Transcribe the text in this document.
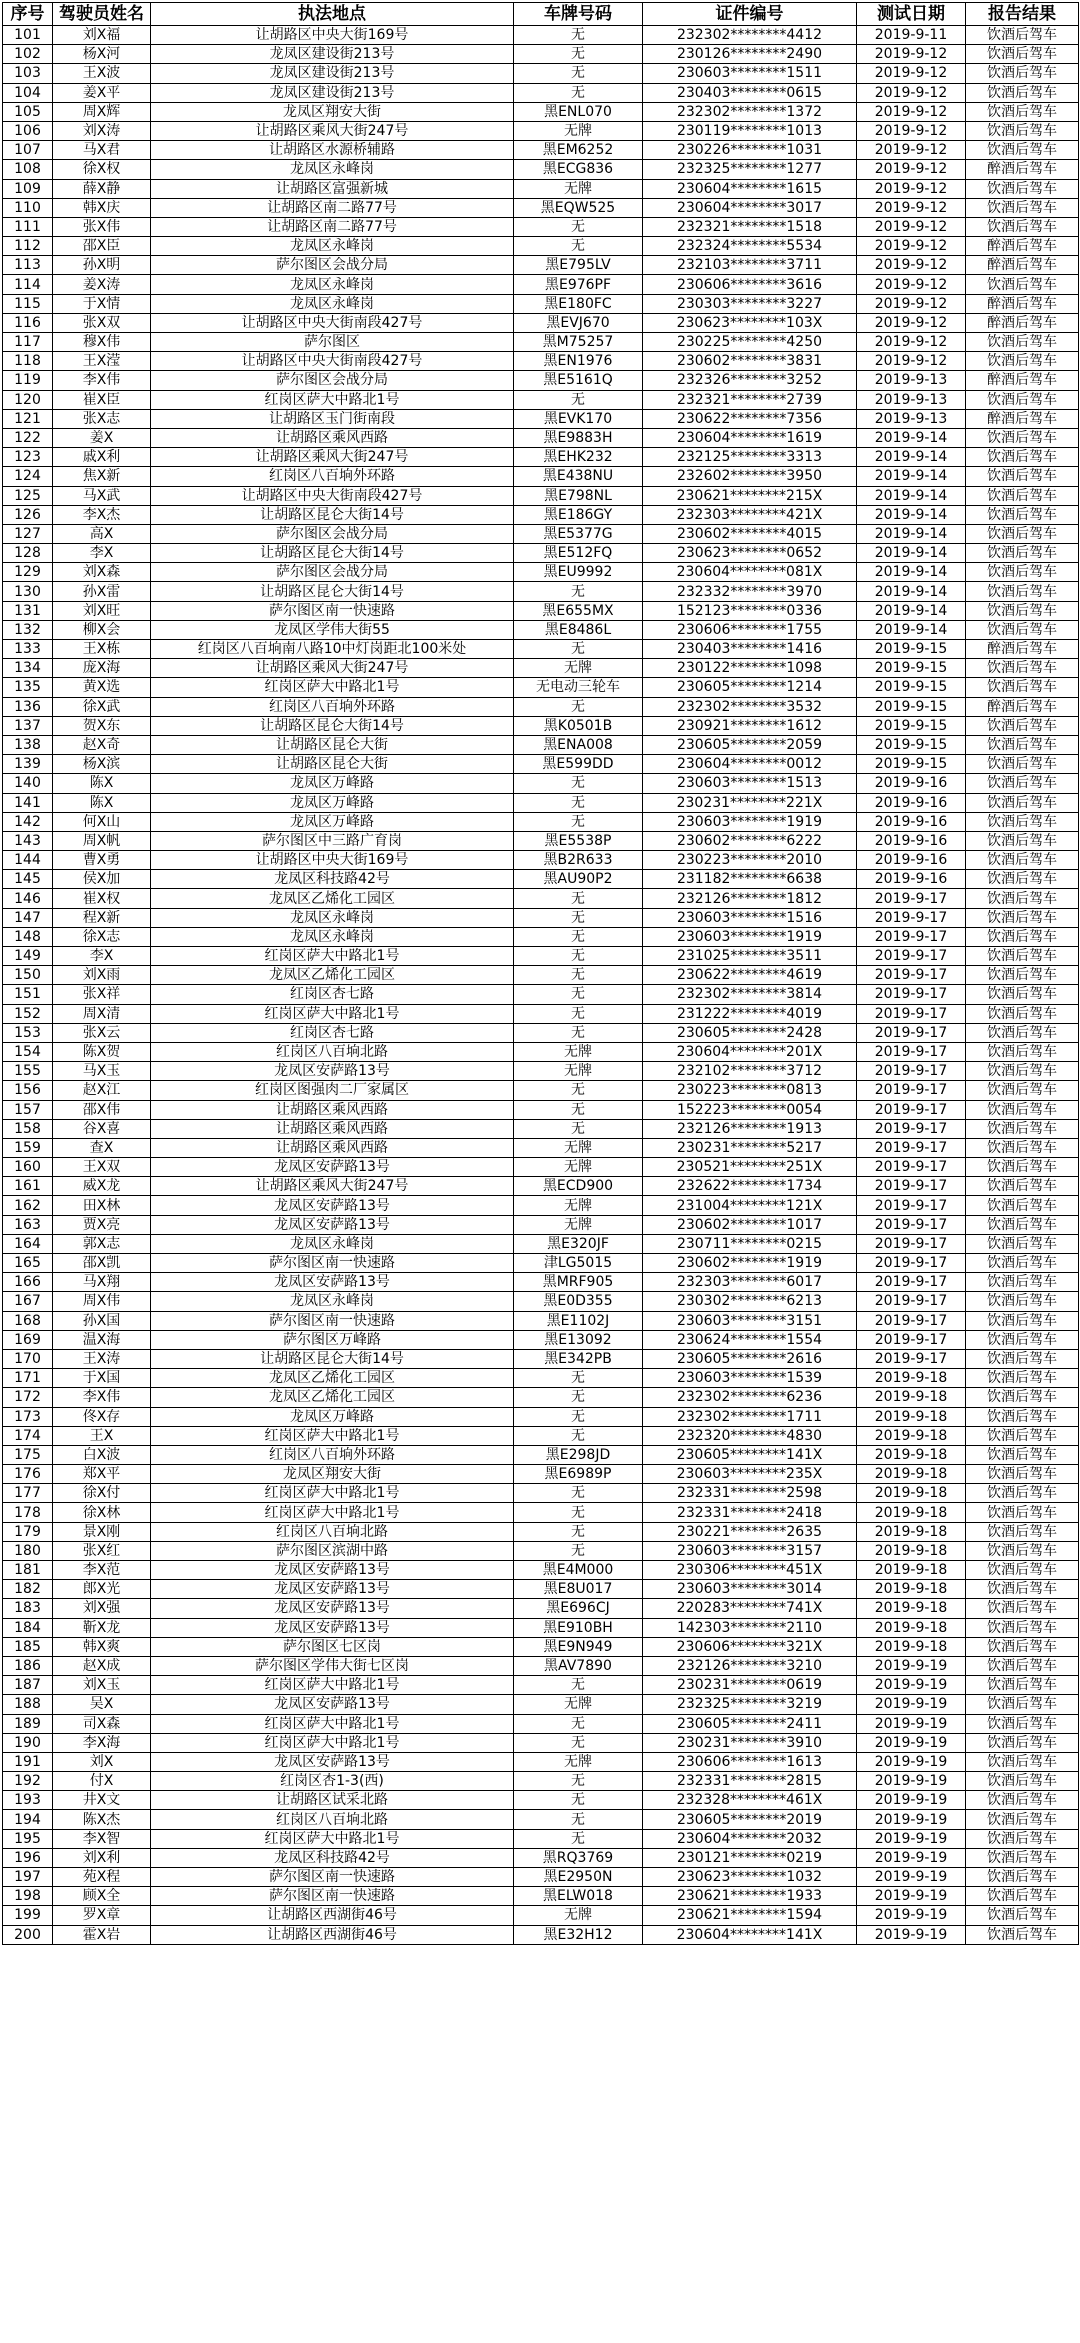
序号	驾驶员姓名	执法地点	车牌号码	证件编号	测试日期	报告结果
101	刘X福	让胡路区中央大街169号	无	232302********4412	2019-9-11	饮酒后驾车
102	杨X河	龙凤区建设街213号	无	230126********2490	2019-9-12	饮酒后驾车
103	王X波	龙凤区建设街213号	无	230603********1511	2019-9-12	饮酒后驾车
104	姜X平	龙凤区建设街213号	无	230403********0615	2019-9-12	饮酒后驾车
105	周X辉	龙凤区翔安大街	黑ENL070	232302********1372	2019-9-12	饮酒后驾车
106	刘X涛	让胡路区乘风大街247号	无牌	230119********1013	2019-9-12	饮酒后驾车
107	马X君	让胡路区水源桥辅路	黑EM6252	230226********1031	2019-9-12	饮酒后驾车
108	徐X权	龙凤区永峰岗	黑ECG836	232325********1277	2019-9-12	醉酒后驾车
109	薛X静	让胡路区富强新城	无牌	230604********1615	2019-9-12	饮酒后驾车
110	韩X庆	让胡路区南二路77号	黑EQW525	230604********3017	2019-9-12	饮酒后驾车
111	张X伟	让胡路区南二路77号	无	232321********1518	2019-9-12	饮酒后驾车
112	邵X臣	龙凤区永峰岗	无	232324********5534	2019-9-12	醉酒后驾车
113	孙X明	萨尔图区会战分局	黑E795LV	232103********3711	2019-9-12	醉酒后驾车
114	姜X涛	龙凤区永峰岗	黑E976PF	230606********3616	2019-9-12	饮酒后驾车
115	于X情	龙凤区永峰岗	黑E180FC	230303********3227	2019-9-12	醉酒后驾车
116	张X双	让胡路区中央大街南段427号	黑EVJ670	230623********103X	2019-9-12	醉酒后驾车
117	穆X伟	萨尔图区	黑M75257	230225********4250	2019-9-12	饮酒后驾车
118	王X滢	让胡路区中央大街南段427号	黑EN1976	230602********3831	2019-9-12	饮酒后驾车
119	李X伟	萨尔图区会战分局	黑E5161Q	232326********3252	2019-9-13	醉酒后驾车
120	崔X臣	红岗区萨大中路北1号	无	232321********2739	2019-9-13	饮酒后驾车
121	张X志	让胡路区玉门街南段	黑EVK170	230622********7356	2019-9-13	醉酒后驾车
122	姜X	让胡路区乘风西路	黑E9883H	230604********1619	2019-9-14	饮酒后驾车
123	戚X利	让胡路区乘风大街247号	黑EHK232	232125********3313	2019-9-14	饮酒后驾车
124	焦X新	红岗区八百垧外环路	黑E438NU	232602********3950	2019-9-14	饮酒后驾车
125	马X武	让胡路区中央大街南段427号	黑E798NL	230621********215X	2019-9-14	饮酒后驾车
126	李X杰	让胡路区昆仑大街14号	黑E186GY	232303********421X	2019-9-14	饮酒后驾车
127	高X	萨尔图区会战分局	黑E5377G	230602********4015	2019-9-14	饮酒后驾车
128	李X	让胡路区昆仑大街14号	黑E512FQ	230623********0652	2019-9-14	饮酒后驾车
129	刘X森	萨尔图区会战分局	黑EU9992	230604********081X	2019-9-14	饮酒后驾车
130	孙X雷	让胡路区昆仑大街14号	无	232332********3970	2019-9-14	饮酒后驾车
131	刘X旺	萨尔图区南一快速路	黑E655MX	152123********0336	2019-9-14	饮酒后驾车
132	柳X会	龙凤区学伟大街55	黑E8486L	230606********1755	2019-9-14	饮酒后驾车
133	王X栋	红岗区八百垧南八路10中灯岗距北100米处	无	230403********1416	2019-9-15	醉酒后驾车
134	庞X海	让胡路区乘风大街247号	无牌	230122********1098	2019-9-15	饮酒后驾车
135	黄X选	红岗区萨大中路北1号	无电动三轮车	230605********1214	2019-9-15	饮酒后驾车
136	徐X武	红岗区八百垧外环路	无	232302********3532	2019-9-15	醉酒后驾车
137	贺X东	让胡路区昆仑大街14号	黑K0501B	230921********1612	2019-9-15	饮酒后驾车
138	赵X奇	让胡路区昆仑大街	黑ENA008	230605********2059	2019-9-15	饮酒后驾车
139	杨X滨	让胡路区昆仑大街	黑E599DD	230604********0012	2019-9-15	饮酒后驾车
140	陈X	龙凤区万峰路	无	230603********1513	2019-9-16	饮酒后驾车
141	陈X	龙凤区万峰路	无	230231********221X	2019-9-16	饮酒后驾车
142	何X山	龙凤区万峰路	无	230603********1919	2019-9-16	饮酒后驾车
143	周X帆	萨尔图区中三路广育岗	黑E5538P	230602********6222	2019-9-16	饮酒后驾车
144	曹X勇	让胡路区中央大街169号	黑B2R633	230223********2010	2019-9-16	饮酒后驾车
145	侯X加	龙凤区科技路42号	黑AU90P2	231182********6638	2019-9-16	饮酒后驾车
146	崔X权	龙凤区乙烯化工园区	无	232126********1812	2019-9-17	饮酒后驾车
147	程X新	龙凤区永峰岗	无	230603********1516	2019-9-17	饮酒后驾车
148	徐X志	龙凤区永峰岗	无	230603********1919	2019-9-17	饮酒后驾车
149	李X	红岗区萨大中路北1号	无	231025********3511	2019-9-17	饮酒后驾车
150	刘X雨	龙凤区乙烯化工园区	无	230622********4619	2019-9-17	饮酒后驾车
151	张X祥	红岗区杏七路	无	232302********3814	2019-9-17	饮酒后驾车
152	周X清	红岗区萨大中路北1号	无	231222********4019	2019-9-17	饮酒后驾车
153	张X云	红岗区杏七路	无	230605********2428	2019-9-17	饮酒后驾车
154	陈X贺	红岗区八百垧北路	无牌	230604********201X	2019-9-17	饮酒后驾车
155	马X玉	龙凤区安萨路13号	无牌	232102********3712	2019-9-17	饮酒后驾车
156	赵X江	红岗区图强肉二厂家属区	无	230223********0813	2019-9-17	饮酒后驾车
157	邵X伟	让胡路区乘风西路	无	152223********0054	2019-9-17	饮酒后驾车
158	谷X喜	让胡路区乘风西路	无	232126********1913	2019-9-17	饮酒后驾车
159	查X	让胡路区乘风西路	无牌	230231********5217	2019-9-17	饮酒后驾车
160	王X双	龙凤区安萨路13号	无牌	230521********251X	2019-9-17	饮酒后驾车
161	威X龙	让胡路区乘风大街247号	黑ECD900	232622********1734	2019-9-17	饮酒后驾车
162	田X林	龙凤区安萨路13号	无牌	231004********121X	2019-9-17	饮酒后驾车
163	贾X亮	龙凤区安萨路13号	无牌	230602********1017	2019-9-17	饮酒后驾车
164	郭X志	龙凤区永峰岗	黑E320JF	230711********0215	2019-9-17	饮酒后驾车
165	邵X凯	萨尔图区南一快速路	津LG5015	230602********1919	2019-9-17	饮酒后驾车
166	马X翔	龙凤区安萨路13号	黑MRF905	232303********6017	2019-9-17	饮酒后驾车
167	周X伟	龙凤区永峰岗	黑E0D355	230302********6213	2019-9-17	饮酒后驾车
168	孙X国	萨尔图区南一快速路	黑E1102J	230603********3151	2019-9-17	饮酒后驾车
169	温X海	萨尔图区万峰路	黑E13092	230624********1554	2019-9-17	饮酒后驾车
170	王X涛	让胡路区昆仑大街14号	黑E342PB	230605********2616	2019-9-17	饮酒后驾车
171	于X国	龙凤区乙烯化工园区	无	230603********1539	2019-9-18	饮酒后驾车
172	李X伟	龙凤区乙烯化工园区	无	232302********6236	2019-9-18	饮酒后驾车
173	佟X存	龙凤区万峰路	无	232302********1711	2019-9-18	饮酒后驾车
174	王X	红岗区萨大中路北1号	无	232320********4830	2019-9-18	饮酒后驾车
175	白X波	红岗区八百垧外环路	黑E298JD	230605********141X	2019-9-18	饮酒后驾车
176	郑X平	龙凤区翔安大街	黑E6989P	230603********235X	2019-9-18	饮酒后驾车
177	徐X付	红岗区萨大中路北1号	无	232331********2598	2019-9-18	饮酒后驾车
178	徐X林	红岗区萨大中路北1号	无	232331********2418	2019-9-18	饮酒后驾车
179	景X刚	红岗区八百垧北路	无	230221********2635	2019-9-18	饮酒后驾车
180	张X红	萨尔图区滨湖中路	无	230603********3157	2019-9-18	饮酒后驾车
181	李X范	龙凤区安萨路13号	黑E4M000	230306********451X	2019-9-18	饮酒后驾车
182	郎X光	龙凤区安萨路13号	黑E8U017	230603********3014	2019-9-18	饮酒后驾车
183	刘X强	龙凤区安萨路13号	黑E696CJ	220283********741X	2019-9-18	饮酒后驾车
184	靳X龙	龙凤区安萨路13号	黑E910BH	142303********2110	2019-9-18	饮酒后驾车
185	韩X爽	萨尔图区七区岗	黑E9N949	230606********321X	2019-9-18	饮酒后驾车
186	赵X成	萨尔图区学伟大街七区岗	黑AV7890	232126********3210	2019-9-19	饮酒后驾车
187	刘X玉	红岗区萨大中路北1号	无	230231********0619	2019-9-19	饮酒后驾车
188	吴X	龙凤区安萨路13号	无牌	232325********3219	2019-9-19	饮酒后驾车
189	司X森	红岗区萨大中路北1号	无	230605********2411	2019-9-19	饮酒后驾车
190	李X海	红岗区萨大中路北1号	无	230231********3910	2019-9-19	饮酒后驾车
191	刘X	龙凤区安萨路13号	无牌	230606********1613	2019-9-19	饮酒后驾车
192	付X	红岗区杏1-3(西)	无	232331********2815	2019-9-19	饮酒后驾车
193	井X文	让胡路区试采北路	无	232328********461X	2019-9-19	饮酒后驾车
194	陈X杰	红岗区八百垧北路	无	230605********2019	2019-9-19	饮酒后驾车
195	李X智	红岗区萨大中路北1号	无	230604********2032	2019-9-19	饮酒后驾车
196	刘X利	龙凤区科技路42号	黑RQ3769	230121********0219	2019-9-19	饮酒后驾车
197	苑X程	萨尔图区南一快速路	黑E2950N	230623********1032	2019-9-19	饮酒后驾车
198	顾X全	萨尔图区南一快速路	黑ELW018	230621********1933	2019-9-19	饮酒后驾车
199	罗X章	让胡路区西湖街46号	无牌	230621********1594	2019-9-19	饮酒后驾车
200	霍X岩	让胡路区西湖街46号	黑E32H12	230604********141X	2019-9-19	饮酒后驾车
